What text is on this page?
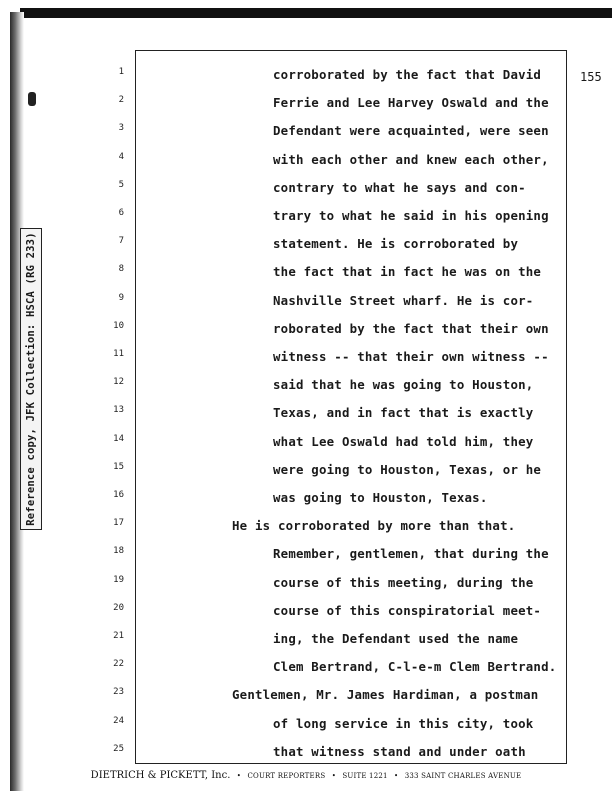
Reference copy, JFK Collection: HSCA (RG 233)
155
1	corroborated by the fact that David
2	Ferrie and Lee Harvey Oswald and the
3	Defendant were acquainted, were seen
4	with each other and knew each other,
5	contrary to what he says and con-
6	trary to what he said in his opening
7	statement. He is corroborated by
8	the fact that in fact he was on the
9	Nashville Street wharf. He is cor-
10	roborated by the fact that their own
11	witness -- that their own witness --
12	said that he was going to Houston,
13	Texas, and in fact that is exactly
14	what Lee Oswald had told him, they
15	were going to Houston, Texas, or he
16	was going to Houston, Texas.
17	He is corroborated by more than that.
18	Remember, gentlemen, that during the
19	course of this meeting, during the
20	course of this conspiratorial meet-
21	ing, the Defendant used the name
22	Clem Bertrand, C-l-e-m Clem Bertrand.
23	Gentlemen, Mr. James Hardiman, a postman
24	of long service in this city, took
25	that witness stand and under oath
DIETRICH & PICKETT, Inc. • COURT REPORTERS • SUITE 1221 • 333 SAINT CHARLES AVENUE
